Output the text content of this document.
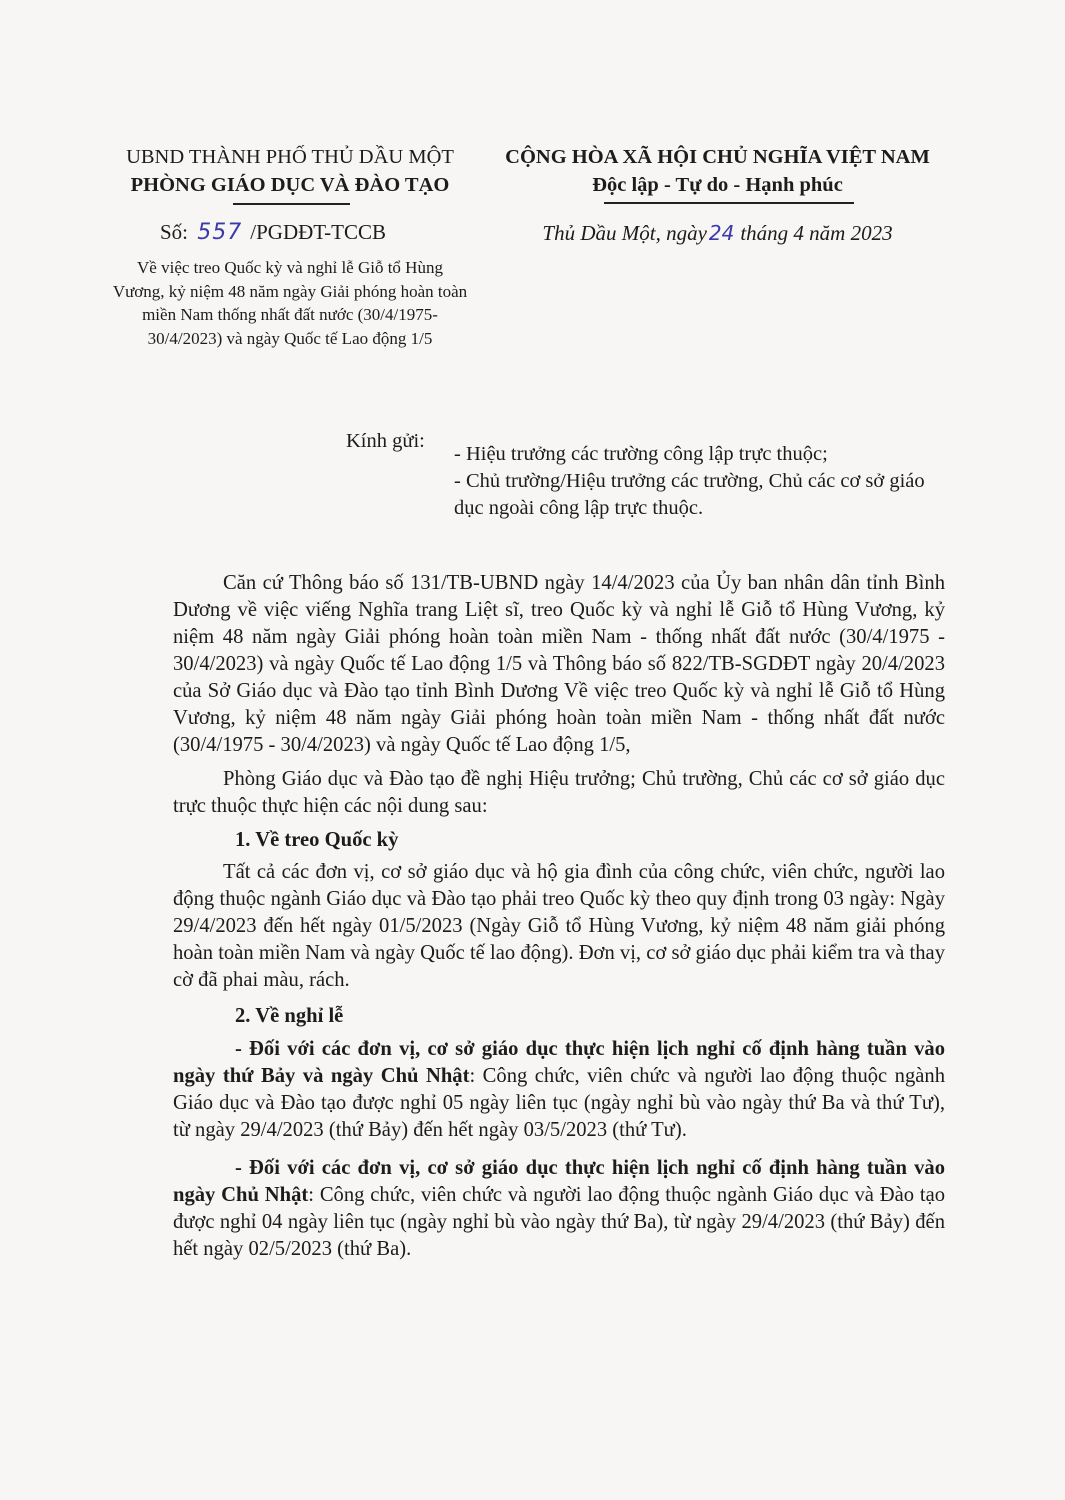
UBND THÀNH PHỐ THỦ DẦU MỘT
PHÒNG GIÁO DỤC VÀ ĐÀO TẠO
CỘNG HÒA XÃ HỘI CHỦ NGHĨA VIỆT NAM
Độc lập - Tự do - Hạnh phúc
Số: 557 /PGDĐT-TCCB	Thủ Dầu Một, ngày 24 tháng 4 năm 2023
Về việc treo Quốc kỳ và nghỉ lễ Giỗ tổ Hùng Vương, kỷ niệm 48 năm ngày Giải phóng hoàn toàn miền Nam thống nhất đất nước (30/4/1975-30/4/2023) và ngày Quốc tế Lao động 1/5
Kính gửi:
- Hiệu trưởng các trường công lập trực thuộc;
- Chủ trường/Hiệu trưởng các trường, Chủ các cơ sở giáo dục ngoài công lập trực thuộc.

Căn cứ Thông báo số 131/TB-UBND ngày 14/4/2023 của Ủy ban nhân dân tỉnh Bình Dương về việc viếng Nghĩa trang Liệt sĩ, treo Quốc kỳ và nghỉ lễ Giỗ tổ Hùng Vương, kỷ niệm 48 năm ngày Giải phóng hoàn toàn miền Nam - thống nhất đất nước (30/4/1975 - 30/4/2023) và ngày Quốc tế Lao động 1/5 và Thông báo số 822/TB-SGDĐT ngày 20/4/2023 của Sở Giáo dục và Đào tạo tỉnh Bình Dương Về việc treo Quốc kỳ và nghỉ lễ Giỗ tổ Hùng Vương, kỷ niệm 48 năm ngày Giải phóng hoàn toàn miền Nam - thống nhất đất nước (30/4/1975 - 30/4/2023) và ngày Quốc tế Lao động 1/5,

Phòng Giáo dục và Đào tạo đề nghị Hiệu trưởng; Chủ trường, Chủ các cơ sở giáo dục trực thuộc thực hiện các nội dung sau:

1. Về treo Quốc kỳ

Tất cả các đơn vị, cơ sở giáo dục và hộ gia đình của công chức, viên chức, người lao động thuộc ngành Giáo dục và Đào tạo phải treo Quốc kỳ theo quy định trong 03 ngày: Ngày 29/4/2023 đến hết ngày 01/5/2023 (Ngày Giỗ tổ Hùng Vương, kỷ niệm 48 năm giải phóng hoàn toàn miền Nam và ngày Quốc tế lao động). Đơn vị, cơ sở giáo dục phải kiểm tra và thay cờ đã phai màu, rách.

2. Về nghỉ lễ

- Đối với các đơn vị, cơ sở giáo dục thực hiện lịch nghỉ cố định hàng tuần vào ngày thứ Bảy và ngày Chủ Nhật: Công chức, viên chức và người lao động thuộc ngành Giáo dục và Đào tạo được nghỉ 05 ngày liên tục (ngày nghỉ bù vào ngày thứ Ba và thứ Tư), từ ngày 29/4/2023 (thứ Bảy) đến hết ngày 03/5/2023 (thứ Tư).

- Đối với các đơn vị, cơ sở giáo dục thực hiện lịch nghỉ cố định hàng tuần vào ngày Chủ Nhật: Công chức, viên chức và người lao động thuộc ngành Giáo dục và Đào tạo được nghỉ 04 ngày liên tục (ngày nghỉ bù vào ngày thứ Ba), từ ngày 29/4/2023 (thứ Bảy) đến hết ngày 02/5/2023 (thứ Ba).
